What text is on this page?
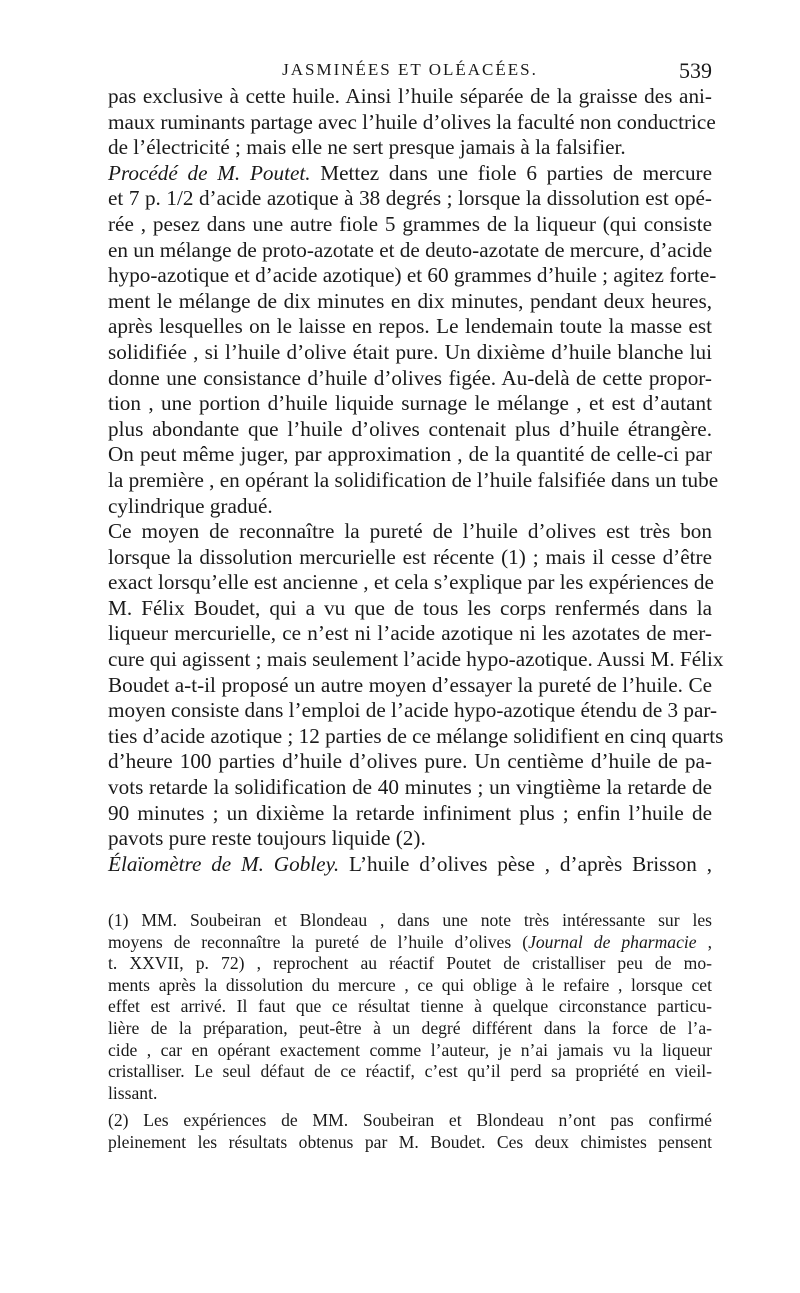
JASMINÉES ET OLÉACÉES.	539
pas exclusive à cette huile. Ainsi l’huile séparée de la graisse des ani-
maux ruminants partage avec l’huile d’olives la faculté non conductrice
de l’électricité ; mais elle ne sert presque jamais à la falsifier.
Procédé de M. Poutet. Mettez dans une fiole 6 parties de mercure
et 7 p. 1/2 d’acide azotique à 38 degrés ; lorsque la dissolution est opé-
rée , pesez dans une autre fiole 5 grammes de la liqueur (qui consiste
en un mélange de proto-azotate et de deuto-azotate de mercure, d’acide
hypo-azotique et d’acide azotique) et 60 grammes d’huile ; agitez forte-
ment le mélange de dix minutes en dix minutes, pendant deux heures,
après lesquelles on le laisse en repos. Le lendemain toute la masse est
solidifiée , si l’huile d’olive était pure. Un dixième d’huile blanche lui
donne une consistance d’huile d’olives figée. Au-delà de cette propor-
tion , une portion d’huile liquide surnage le mélange , et est d’autant
plus abondante que l’huile d’olives contenait plus d’huile étrangère.
On peut même juger, par approximation , de la quantité de celle-ci par
la première , en opérant la solidification de l’huile falsifiée dans un tube
cylindrique gradué.
Ce moyen de reconnaître la pureté de l’huile d’olives est très bon
lorsque la dissolution mercurielle est récente (1) ; mais il cesse d’être
exact lorsqu’elle est ancienne , et cela s’explique par les expériences de
M. Félix Boudet, qui a vu que de tous les corps renfermés dans la
liqueur mercurielle, ce n’est ni l’acide azotique ni les azotates de mer-
cure qui agissent ; mais seulement l’acide hypo-azotique. Aussi M. Félix
Boudet a-t-il proposé un autre moyen d’essayer la pureté de l’huile. Ce
moyen consiste dans l’emploi de l’acide hypo-azotique étendu de 3 par-
ties d’acide azotique ; 12 parties de ce mélange solidifient en cinq quarts
d’heure 100 parties d’huile d’olives pure. Un centième d’huile de pa-
vots retarde la solidification de 40 minutes ; un vingtième la retarde de
90 minutes ; un dixième la retarde infiniment plus ; enfin l’huile de
pavots pure reste toujours liquide (2).
Élaïomètre de M. Gobley. L’huile d’olives pèse , d’après Brisson ,
(1) MM. Soubeiran et Blondeau , dans une note très intéressante sur les
moyens de reconnaître la pureté de l’huile d’olives (Journal de pharmacie ,
t. XXVII, p. 72) , reprochent au réactif Poutet de cristalliser peu de mo-
ments après la dissolution du mercure , ce qui oblige à le refaire , lorsque cet
effet est arrivé. Il faut que ce résultat tienne à quelque circonstance particu-
lière de la préparation, peut-être à un degré différent dans la force de l’a-
cide , car en opérant exactement comme l’auteur, je n’ai jamais vu la liqueur
cristalliser. Le seul défaut de ce réactif, c’est qu’il perd sa propriété en vieil-
lissant.
(2) Les expériences de MM. Soubeiran et Blondeau n’ont pas confirmé
pleinement les résultats obtenus par M. Boudet. Ces deux chimistes pensent
